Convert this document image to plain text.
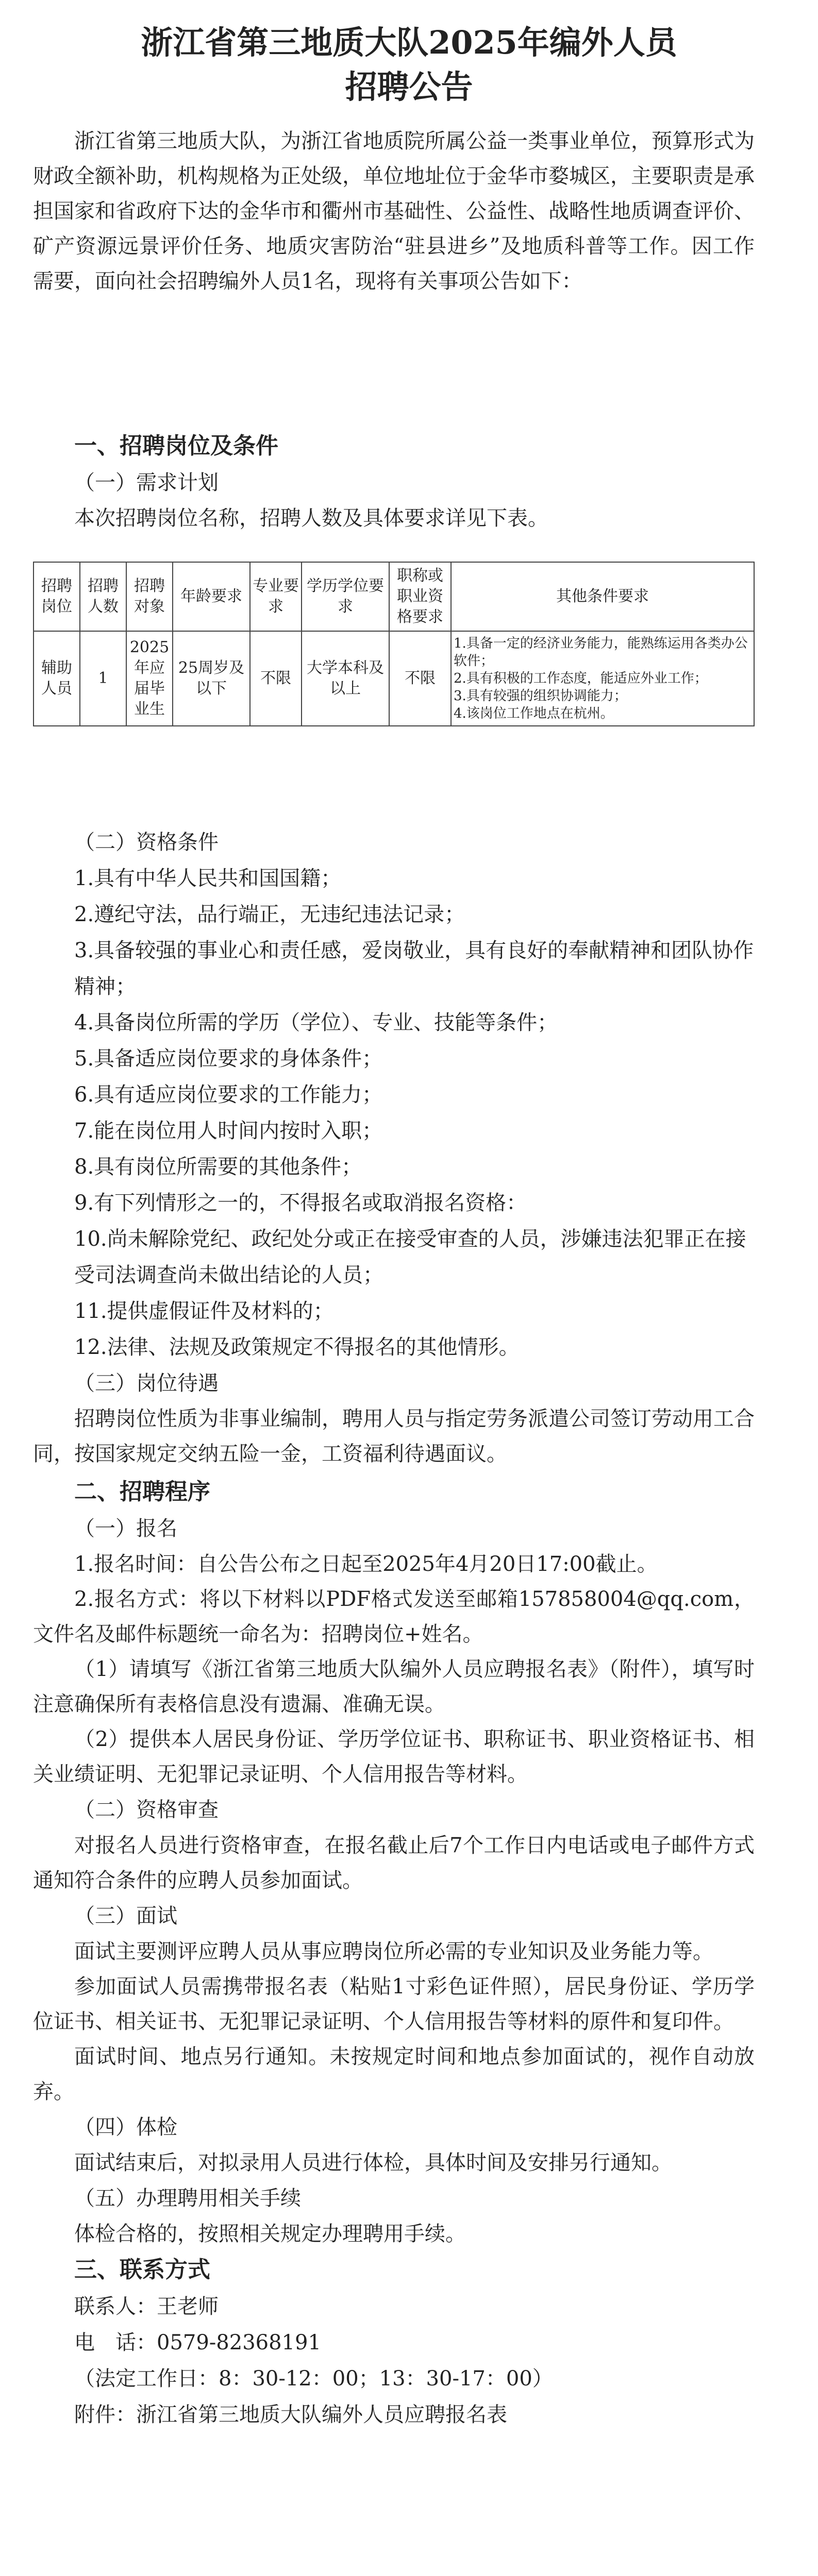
浙江省第三地质大队2025年编外人员

招聘公告

浙江省第三地质大队，为浙江省地质院所属公益一类事业单位，预算形式为财政全额补助，机构规格为正处级，单位地址位于金华市婺城区，主要职责是承担国家和省政府下达的金华市和衢州市基础性、公益性、战略性地质调查评价、矿产资源远景评价任务、地质灾害防治“驻县进乡”及地质科普等工作。因工作需要，面向社会招聘编外人员1名，现将有关事项公告如下：

一、招聘岗位及条件

（一）需求计划

本次招聘岗位名称，招聘人数及具体要求详见下表。

招聘岗位	招聘人数	招聘对象	年龄要求	专业要求	学历学位要求	职称或职业资格要求	其他条件要求
辅助人员	1	2025年应届毕业生	25周岁及以下	不限	大学本科及以上	不限	1.具备一定的经济业务能力，能熟练运用各类办公软件；
2.具有积极的工作态度，能适应外业工作；
3.具有较强的组织协调能力；
4.该岗位工作地点在杭州。

（二）资格条件

1.具有中华人民共和国国籍；

2.遵纪守法，品行端正，无违纪违法记录；

3.具备较强的事业心和责任感，爱岗敬业，具有良好的奉献精神和团队协作精神；

4.具备岗位所需的学历（学位）、专业、技能等条件；

5.具备适应岗位要求的身体条件；

6.具有适应岗位要求的工作能力；

7.能在岗位用人时间内按时入职；

8.具有岗位所需要的其他条件；

9.有下列情形之一的，不得报名或取消报名资格：

10.尚未解除党纪、政纪处分或正在接受审查的人员，涉嫌违法犯罪正在接受司法调查尚未做出结论的人员；

11.提供虚假证件及材料的；

12.法律、法规及政策规定不得报名的其他情形。

（三）岗位待遇

招聘岗位性质为非事业编制，聘用人员与指定劳务派遣公司签订劳动用工合同，按国家规定交纳五险一金，工资福利待遇面议。

二、招聘程序

（一）报名

1.报名时间：自公告公布之日起至2025年4月20日17:00截止。

2.报名方式：将以下材料以PDF格式发送至邮箱157858004@qq.com，文件名及邮件标题统一命名为：招聘岗位+姓名。

（1）请填写《浙江省第三地质大队编外人员应聘报名表》（附件），填写时注意确保所有表格信息没有遗漏、准确无误。

（2）提供本人居民身份证、学历学位证书、职称证书、职业资格证书、相关业绩证明、无犯罪记录证明、个人信用报告等材料。

（二）资格审查

对报名人员进行资格审查，在报名截止后7个工作日内电话或电子邮件方式通知符合条件的应聘人员参加面试。

（三）面试

面试主要测评应聘人员从事应聘岗位所必需的专业知识及业务能力等。

参加面试人员需携带报名表（粘贴1寸彩色证件照），居民身份证、学历学位证书、相关证书、无犯罪记录证明、个人信用报告等材料的原件和复印件。

面试时间、地点另行通知。未按规定时间和地点参加面试的，视作自动放弃。

（四）体检

面试结束后，对拟录用人员进行体检，具体时间及安排另行通知。

（五）办理聘用相关手续

体检合格的，按照相关规定办理聘用手续。

三、联系方式

联系人：王老师

电　话：0579-82368191

（法定工作日：8：30-12：00；13：30-17：00）

附件：浙江省第三地质大队编外人员应聘报名表
